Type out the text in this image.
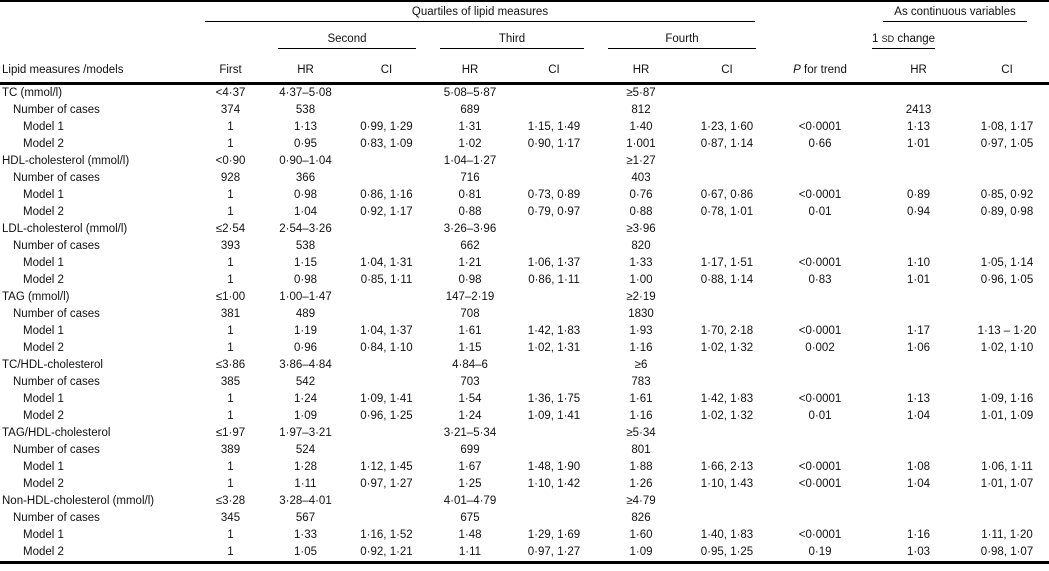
	Quartiles of lipid measures								As continuous variables	

		Second		Third		Fourth			1 SD change	
Lipid measures /models	First	HR	CI	HR	CI	HR	CI	P for trend	HR	CI
TC (mmol/l)	<4·37	4·37–5·08		5·08–5·87		≥5·87				
Number of cases	374	538		689		812			2413	
Model 1	1	1·13	0·99, 1·29	1·31	1·15, 1·49	1·40	1·23, 1·60	<0·0001	1·13	1·08, 1·17
Model 2	1	0·95	0·83, 1·09	1·02	0·90, 1·17	1·001	0·87, 1·14	0·66	1·01	0·97, 1·05
HDL-cholesterol (mmol/l)	<0·90	0·90–1·04		1·04–1·27		≥1·27				
Number of cases	928	366		716		403				
Model 1	1	0·98	0·86, 1·16	0·81	0·73, 0·89	0·76	0·67, 0·86	<0·0001	0·89	0·85, 0·92
Model 2	1	1·04	0·92, 1·17	0·88	0·79, 0·97	0·88	0·78, 1·01	0·01	0·94	0·89, 0·98
LDL-cholesterol (mmol/l)	≤2·54	2·54–3·26		3·26–3·96		≥3·96				
Number of cases	393	538		662		820				
Model 1	1	1·15	1·04, 1·31	1·21	1·06, 1·37	1·33	1·17, 1·51	<0·0001	1·10	1·05, 1·14
Model 2	1	0·98	0·85, 1·11	0·98	0·86, 1·11	1·00	0·88, 1·14	0·83	1·01	0·96, 1·05
TAG (mmol/l)	≤1·00	1·00–1·47		147–2·19		≥2·19				
Number of cases	381	489		708		1830				
Model 1	1	1·19	1·04, 1·37	1·61	1·42, 1·83	1·93	1·70, 2·18	<0·0001	1·17	1·13 – 1·20
Model 2	1	0·96	0·84, 1·10	1·15	1·02, 1·31	1·16	1·02, 1·32	0·002	1·06	1·02, 1·10
TC/HDL-cholesterol	≤3·86	3·86–4·84		4·84–6		≥6				
Number of cases	385	542		703		783				
Model 1	1	1·24	1·09, 1·41	1·54	1·36, 1·75	1·61	1·42, 1·83	<0·0001	1·13	1·09, 1·16
Model 2	1	1·09	0·96, 1·25	1·24	1·09, 1·41	1·16	1·02, 1·32	0·01	1·04	1·01, 1·09
TAG/HDL-cholesterol	≤1·97	1·97–3·21		3·21–5·34		≥5·34				
Number of cases	389	524		699		801				
Model 1	1	1·28	1·12, 1·45	1·67	1·48, 1·90	1·88	1·66, 2·13	<0·0001	1·08	1·06, 1·11
Model 2	1	1·11	0·97, 1·27	1·25	1·10, 1·42	1·26	1·10, 1·43	<0·0001	1·04	1·01, 1·07
Non-HDL-cholesterol (mmol/l)	≤3·28	3·28–4·01		4·01–4·79		≥4·79				
Number of cases	345	567		675		826				
Model 1	1	1·33	1·16, 1·52	1·48	1·29, 1·69	1·60	1·40, 1·83	<0·0001	1·16	1·11, 1·20
Model 2	1	1·05	0·92, 1·21	1·11	0·97, 1·27	1·09	0·95, 1·25	0·19	1·03	0·98, 1·07
